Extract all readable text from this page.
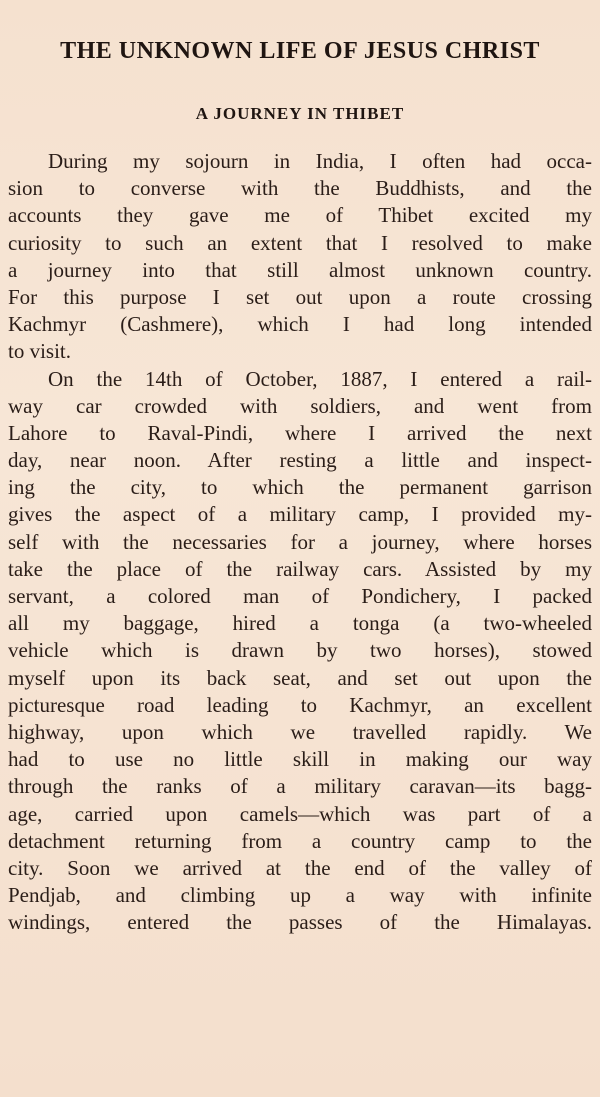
THE UNKNOWN LIFE OF JESUS CHRIST
A JOURNEY IN THIBET
During my sojourn in India, I often had occa-
sion to converse with the Buddhists, and the
accounts they gave me of Thibet excited my
curiosity to such an extent that I resolved to make
a journey into that still almost unknown country.
For this purpose I set out upon a route crossing
Kachmyr (Cashmere), which I had long intended
to visit.
On the 14th of October, 1887, I entered a rail-
way car crowded with soldiers, and went from
Lahore to Raval-Pindi, where I arrived the next
day, near noon. After resting a little and inspect-
ing the city, to which the permanent garrison
gives the aspect of a military camp, I provided my-
self with the necessaries for a journey, where horses
take the place of the railway cars. Assisted by my
servant, a colored man of Pondichery, I packed
all my baggage, hired a tonga (a two-wheeled
vehicle which is drawn by two horses), stowed
myself upon its back seat, and set out upon the
picturesque road leading to Kachmyr, an excellent
highway, upon which we travelled rapidly. We
had to use no little skill in making our way
through the ranks of a military caravan—its bagg-
age, carried upon camels—which was part of a
detachment returning from a country camp to the
city. Soon we arrived at the end of the valley of
Pendjab, and climbing up a way with infinite
windings, entered the passes of the Himalayas.
